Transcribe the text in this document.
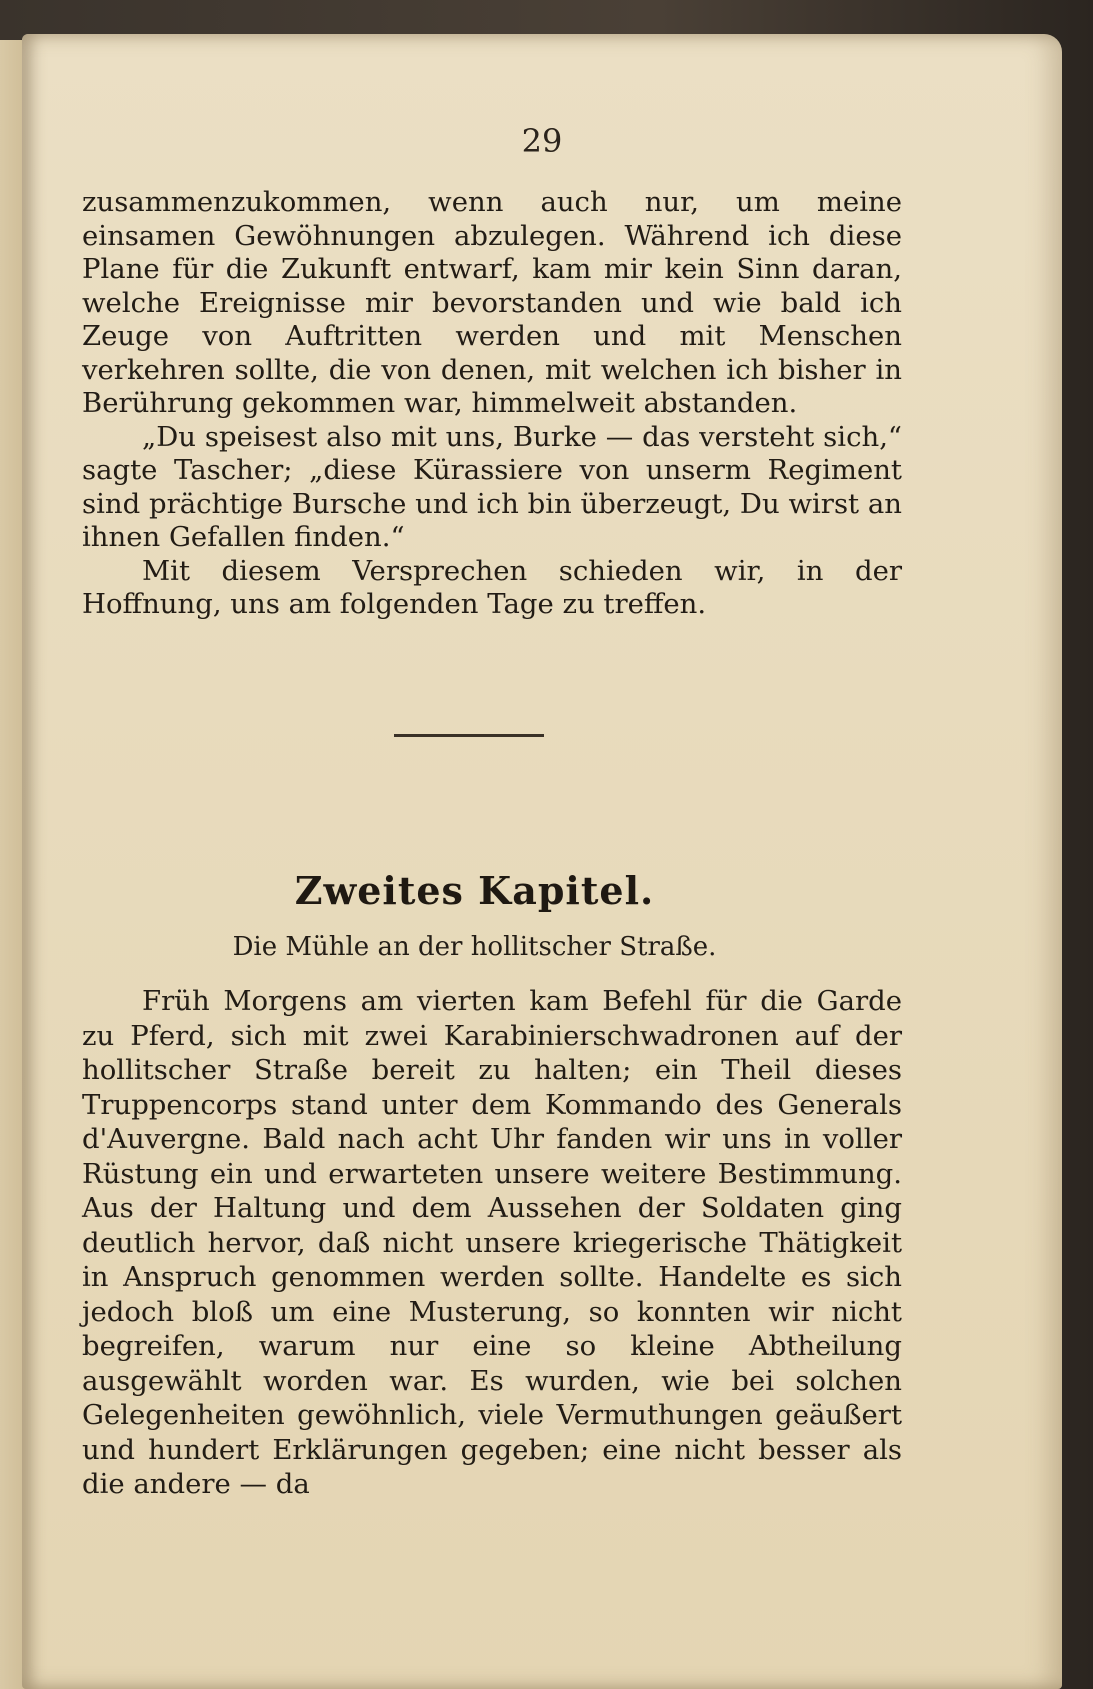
29

zusammenzukommen, wenn auch nur, um meine einsamen Gewöhnungen abzulegen. Während ich diese Plane für die Zukunft entwarf, kam mir kein Sinn daran, welche Ereignisse mir bevorstanden und wie bald ich Zeuge von Auftritten werden und mit Menschen verkehren sollte, die von denen, mit welchen ich bisher in Berührung gekommen war, himmelweit abstanden.

„Du speisest also mit uns, Burke — das versteht sich,“ sagte Tascher; „diese Kürassiere von unserm Regiment sind prächtige Bursche und ich bin überzeugt, Du wirst an ihnen Gefallen finden.“

Mit diesem Versprechen schieden wir, in der Hoffnung, uns am folgenden Tage zu treffen.

Zweites Kapitel.
Die Mühle an der hollitscher Straße.

Früh Morgens am vierten kam Befehl für die Garde zu Pferd, sich mit zwei Karabinierschwadronen auf der hollitscher Straße bereit zu halten; ein Theil dieses Truppencorps stand unter dem Kommando des Generals d'Auvergne. Bald nach acht Uhr fanden wir uns in voller Rüstung ein und erwarteten unsere weitere Bestimmung. Aus der Haltung und dem Aussehen der Soldaten ging deutlich hervor, daß nicht unsere kriegerische Thätigkeit in Anspruch genommen werden sollte. Handelte es sich jedoch bloß um eine Musterung, so konnten wir nicht begreifen, warum nur eine so kleine Abtheilung ausgewählt worden war. Es wurden, wie bei solchen Gelegenheiten gewöhnlich, viele Vermuthungen geäußert und hundert Erklärungen gegeben; eine nicht besser als die andere — da
